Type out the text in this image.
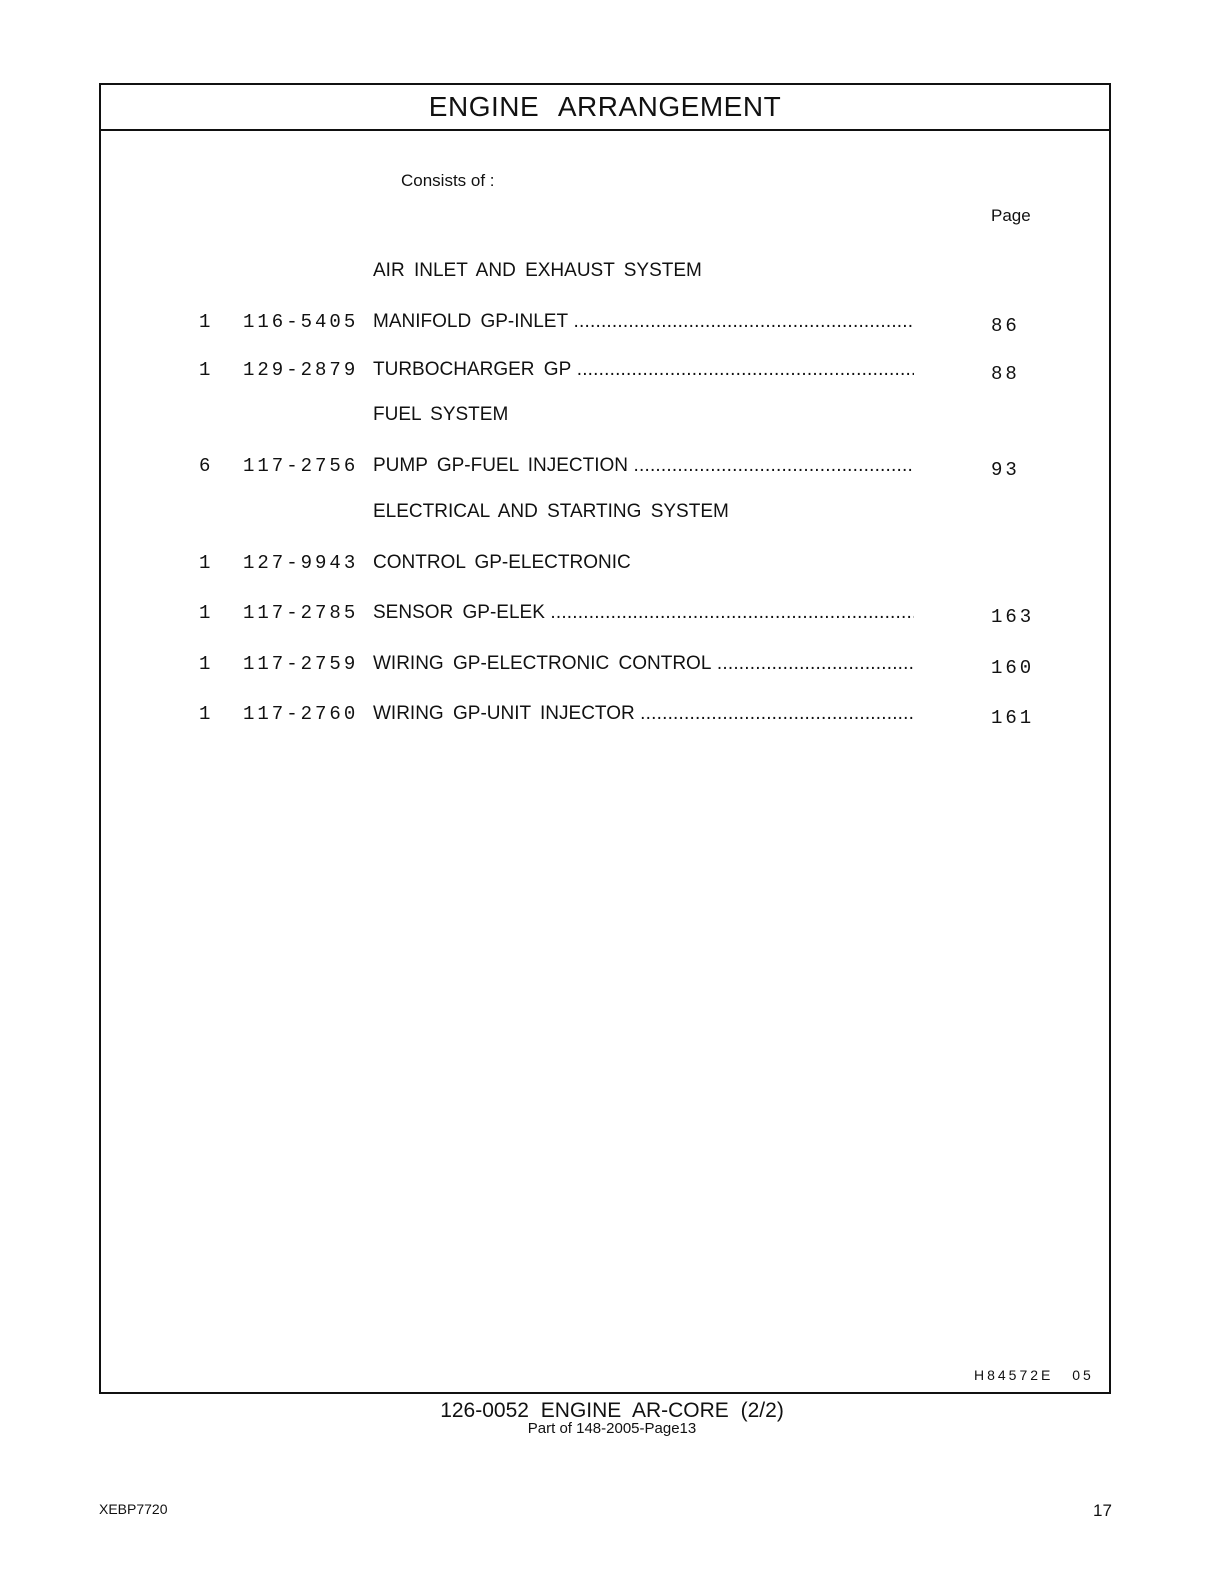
ENGINE ARRANGEMENT
Consists of :
Page
AIR INLET AND EXHAUST SYSTEM
1 116-5405 MANIFOLD GP-INLET .....	86
1 129-2879 TURBOCHARGER GP .....	88
FUEL SYSTEM
6 117-2756 PUMP GP-FUEL INJECTION .....	93
ELECTRICAL AND STARTING SYSTEM
1 127-9943 CONTROL GP-ELECTRONIC
1 117-2785 SENSOR GP-ELEK .....	163
1 117-2759 WIRING GP-ELECTRONIC CONTROL .....	160
1 117-2760 WIRING GP-UNIT INJECTOR .....	161
H84572E 05
126-0052 ENGINE AR-CORE (2/2)
Part of 148-2005-Page13
XEBP7720	17
